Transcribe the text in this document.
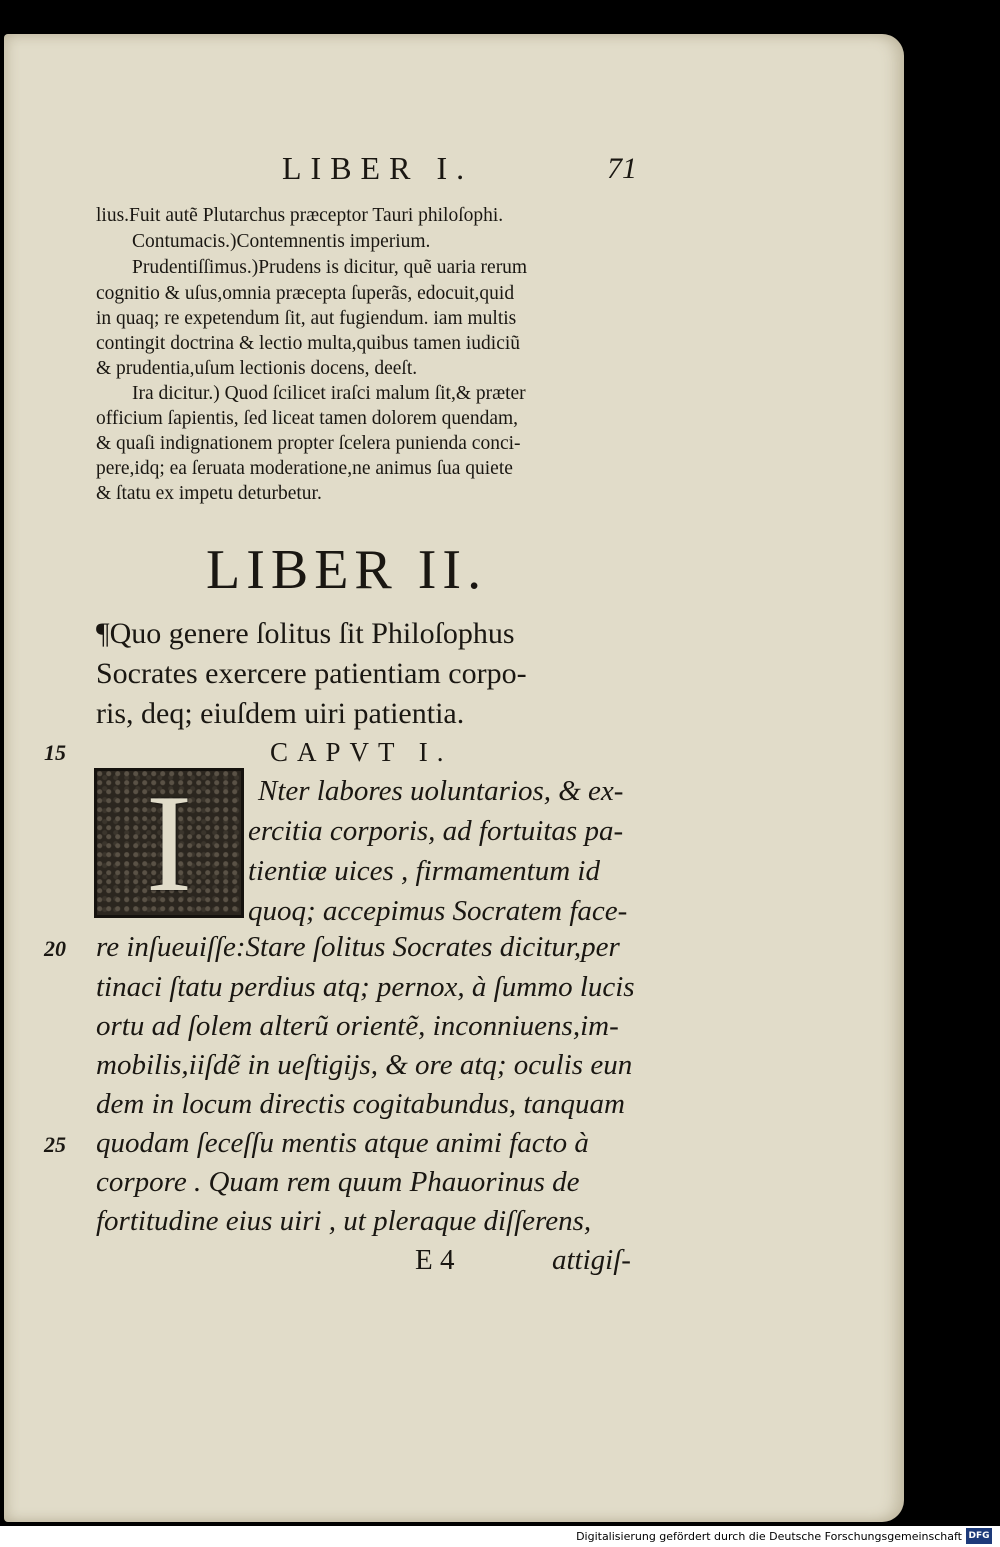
LIBER I.	71
lius.Fuit autẽ Plutarchus præceptor Tauri philoſophi.
Contumacis.)Contemnentis imperium.
Prudentiſſimus.)Prudens is dicitur, quẽ uaria rerum
cognitio & uſus,omnia præcepta ſuperãs, edocuit,quid
in quaq; re expetendum ſit, aut fugiendum. iam multis
contingit doctrina & lectio multa,quibus tamen iudiciũ
& prudentia,uſum lectionis docens, deeſt.
Ira dicitur.) Quod ſcilicet iraſci malum ſit,& præter
officium ſapientis, ſed liceat tamen dolorem quendam,
& quaſi indignationem propter ſcelera punienda conci-
pere,idq; ea ſeruata moderatione,ne animus ſua quiete
& ſtatu ex impetu deturbetur.
LIBER II.
¶Quo genere ſolitus ſit Philoſophus
Socrates exercere patientiam corpo-
ris, deq; eiuſdem uiri patientia.
15	CAPVT I.
I	Nter labores uoluntarios, & ex-
ercitia corporis, ad fortuitas pa-
tientiæ uices , firmamentum id
quoq; accepimus Socratem face-
20 re inſueuiſſe:Stare ſolitus Socrates dicitur,per
tinaci ſtatu perdius atq; pernox, à ſummo lucis
ortu ad ſolem alterũ orientẽ, inconniuens,im-
mobilis,iiſdẽ in ueſtigijs, & ore atq; oculis eun
dem in locum directis cogitabundus, tanquam
25 quodam ſeceſſu mentis atque animi facto à
corpore . Quam rem quum Phauorinus de
fortitudine eius uiri , ut pleraque diſſerens,
E 4	attigiſ-
Digitalisierung gefördert durch die Deutsche Forschungsgemeinschaft DFG
